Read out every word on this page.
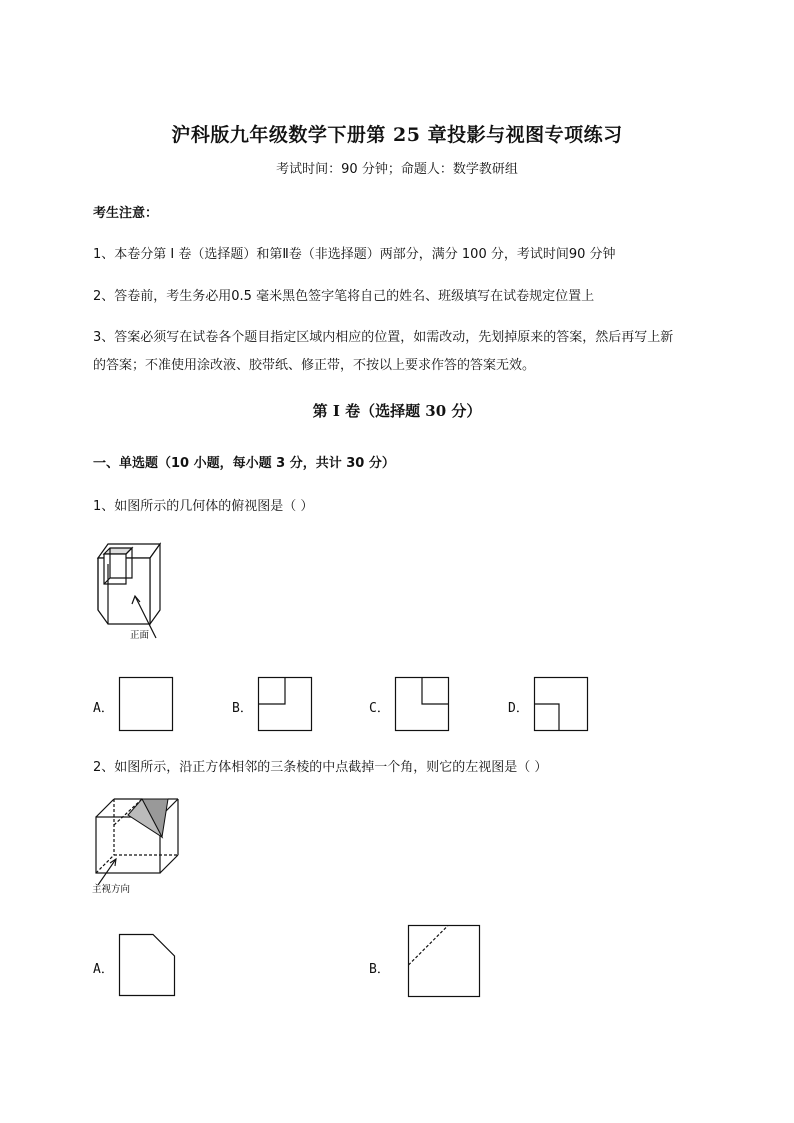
沪科版九年级数学下册第 25 章投影与视图专项练习
考试时间：90 分钟；命题人：数学教研组
考生注意：
1、本卷分第 I 卷（选择题）和第Ⅱ卷（非选择题）两部分，满分 100 分，考试时间90 分钟
2、答卷前，考生务必用0.5 毫米黑色签字笔将自己的姓名、班级填写在试卷规定位置上
3、答案必须写在试卷各个题目指定区域内相应的位置，如需改动，先划掉原来的答案，然后再写上新
的答案；不准使用涂改液、胶带纸、修正带，不按以上要求作答的答案无效。
第 I 卷（选择题 30 分）
一、单选题（10 小题，每小题 3 分，共计 30 分）
1、如图所示的几何体的俯视图是（ ）
正面
A．	B．	C．	D．
2、如图所示，沿正方体相邻的三条棱的中点截掉一个角，则它的左视图是（ ）
主视方向
A．	B．
